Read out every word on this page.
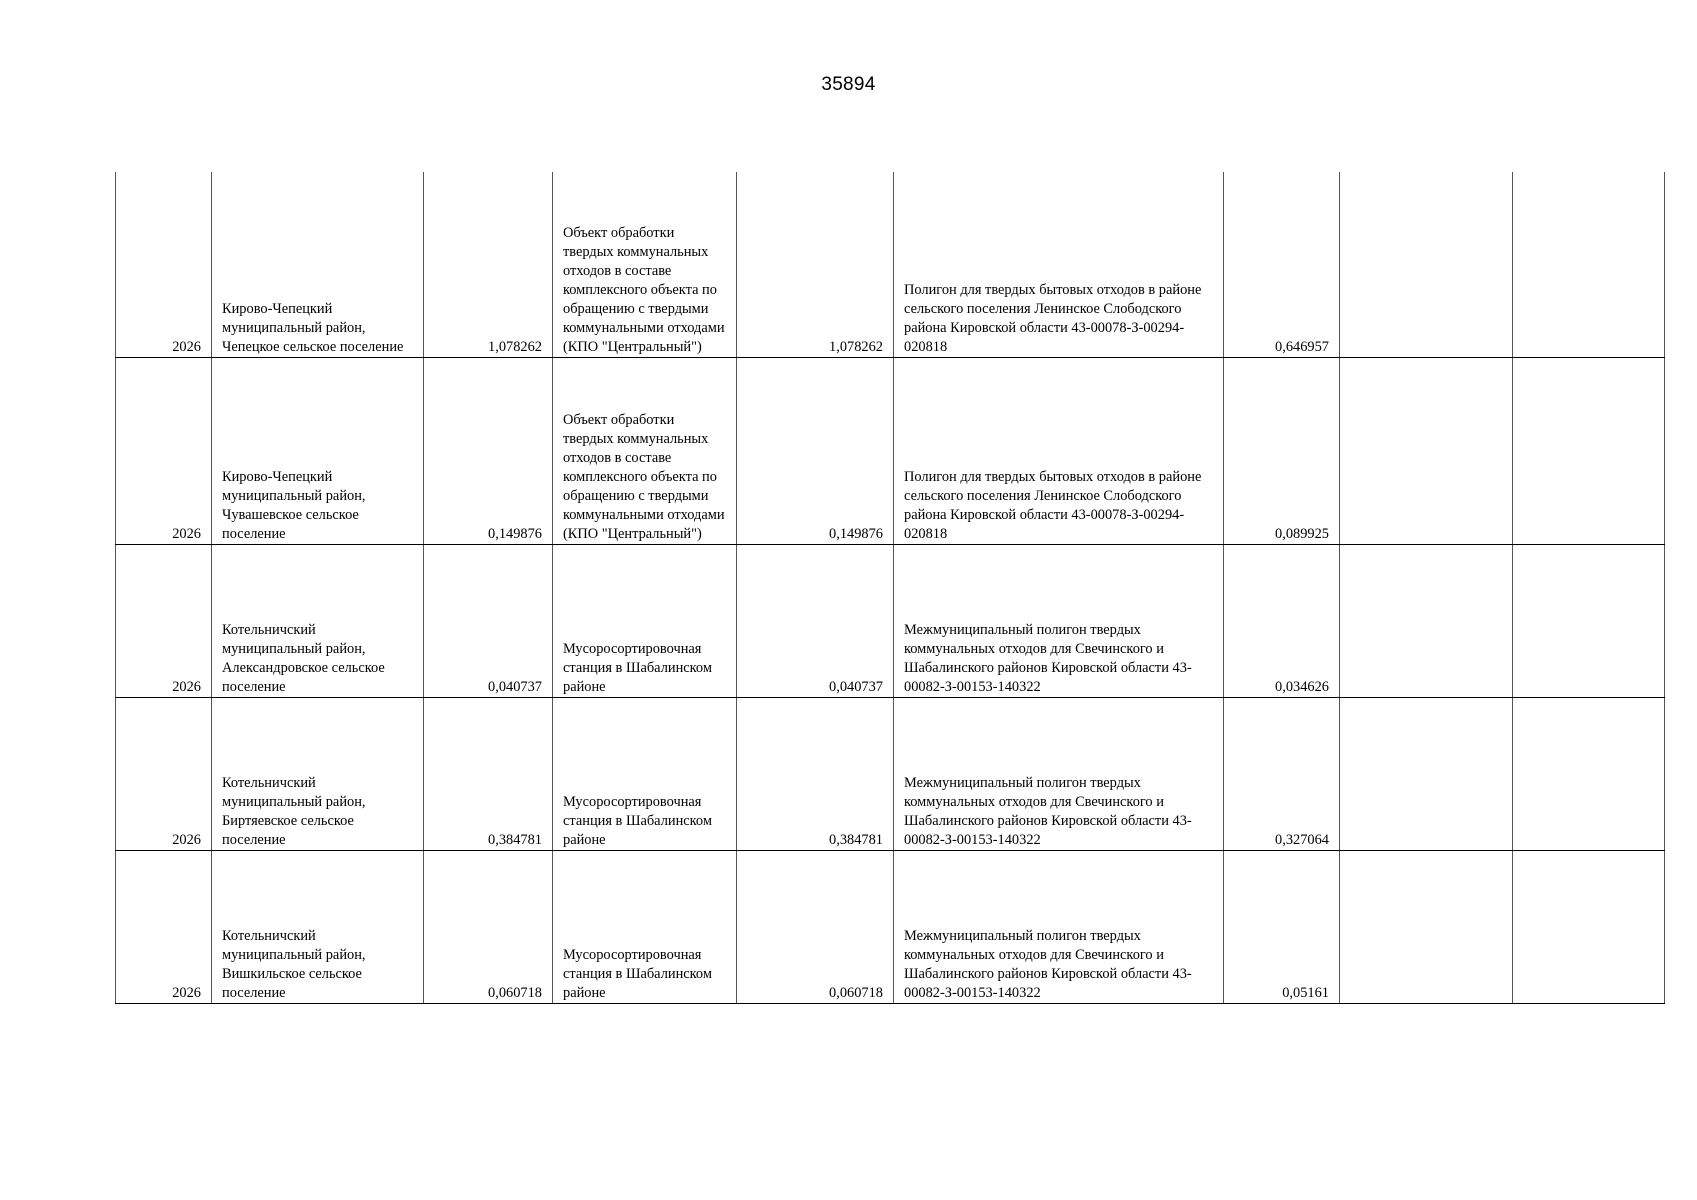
35894
2026	Кирово-Чепецкий муниципальный район, Чепецкое сельское поселение	1,078262	Объект обработки твердых коммунальных отходов в составе комплексного объекта по обращению с твердыми коммунальными отходами (КПО "Центральный")	1,078262	Полигон для твердых бытовых отходов в районе сельского поселения Ленинское Слободского района Кировской области 43-00078-З-00294-020818	0,646957		
2026	Кирово-Чепецкий муниципальный район, Чувашевское сельское поселение	0,149876	Объект обработки твердых коммунальных отходов в составе комплексного объекта по обращению с твердыми коммунальными отходами (КПО "Центральный")	0,149876	Полигон для твердых бытовых отходов в районе сельского поселения Ленинское Слободского района Кировской области 43-00078-З-00294-020818	0,089925		
2026	Котельничский муниципальный район, Александровское сельское поселение	0,040737	Мусоросортировочная станция в Шабалинском районе	0,040737	Межмуниципальный полигон твердых коммунальных отходов для Свечинского и Шабалинского районов Кировской области 43-00082-З-00153-140322	0,034626		
2026	Котельничский муниципальный район, Биртяевское сельское поселение	0,384781	Мусоросортировочная станция в Шабалинском районе	0,384781	Межмуниципальный полигон твердых коммунальных отходов для Свечинского и Шабалинского районов Кировской области 43-00082-З-00153-140322	0,327064		
2026	Котельничский муниципальный район, Вишкильское сельское поселение	0,060718	Мусоросортировочная станция в Шабалинском районе	0,060718	Межмуниципальный полигон твердых коммунальных отходов для Свечинского и Шабалинского районов Кировской области 43-00082-З-00153-140322	0,05161		
